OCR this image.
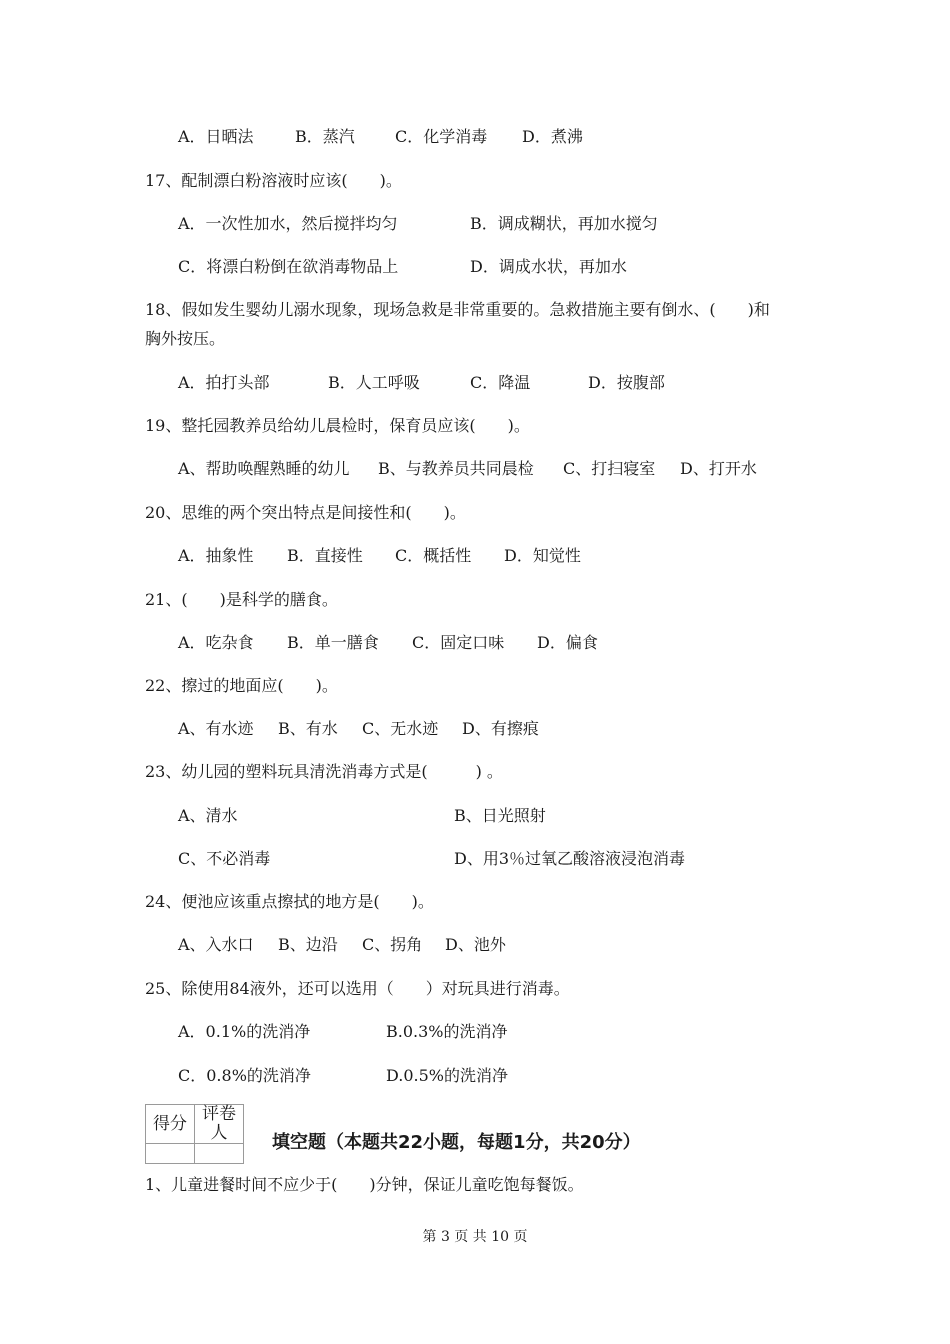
A．日晒法	B．蒸汽	C．化学消毒 D．煮沸
17、配制漂白粉溶液时应该(　　)。
A．一次性加水，然后搅拌均匀	B．调成糊状，再加水搅匀
C．将漂白粉倒在欲消毒物品上	D．调成水状，再加水
18、假如发生婴幼儿溺水现象，现场急救是非常重要的。急救措施主要有倒水、(　　)和
胸外按压。
A．拍打头部	B．人工呼吸	C．降温	D．按腹部
19、整托园教养员给幼儿晨检时，保育员应该(　　)。
A、帮助唤醒熟睡的幼儿 B、与教养员共同晨检 C、打扫寝室 D、打开水
20、思维的两个突出特点是间接性和(　　)。
A．抽象性 B．直接性 C．概括性 D．知觉性
21、(　　)是科学的膳食。
A．吃杂食 B．单一膳食 C．固定口味 D．偏食
22、擦过的地面应(　　)。
A、有水迹 B、有水 C、无水迹 D、有擦痕
23、幼儿园的塑料玩具清洗消毒方式是(　　　) 。
A、清水	B、日光照射
C、不必消毒	D、用3％过氧乙酸溶液浸泡消毒
24、便池应该重点擦拭的地方是(　　)。
A、入水口 B、边沿 C、拐角 D、池外
25、除使用84液外，还可以选用（　　）对玩具进行消毒。
A．0.1%的洗消净	B.0.3%的洗消净
C．0.8%的洗消净	D.0.5%的洗消净
得分	评卷人
	填空题（本题共22小题，每题1分，共20分）
1、儿童进餐时间不应少于(　　)分钟，保证儿童吃饱每餐饭。
第 3 页 共 10 页
